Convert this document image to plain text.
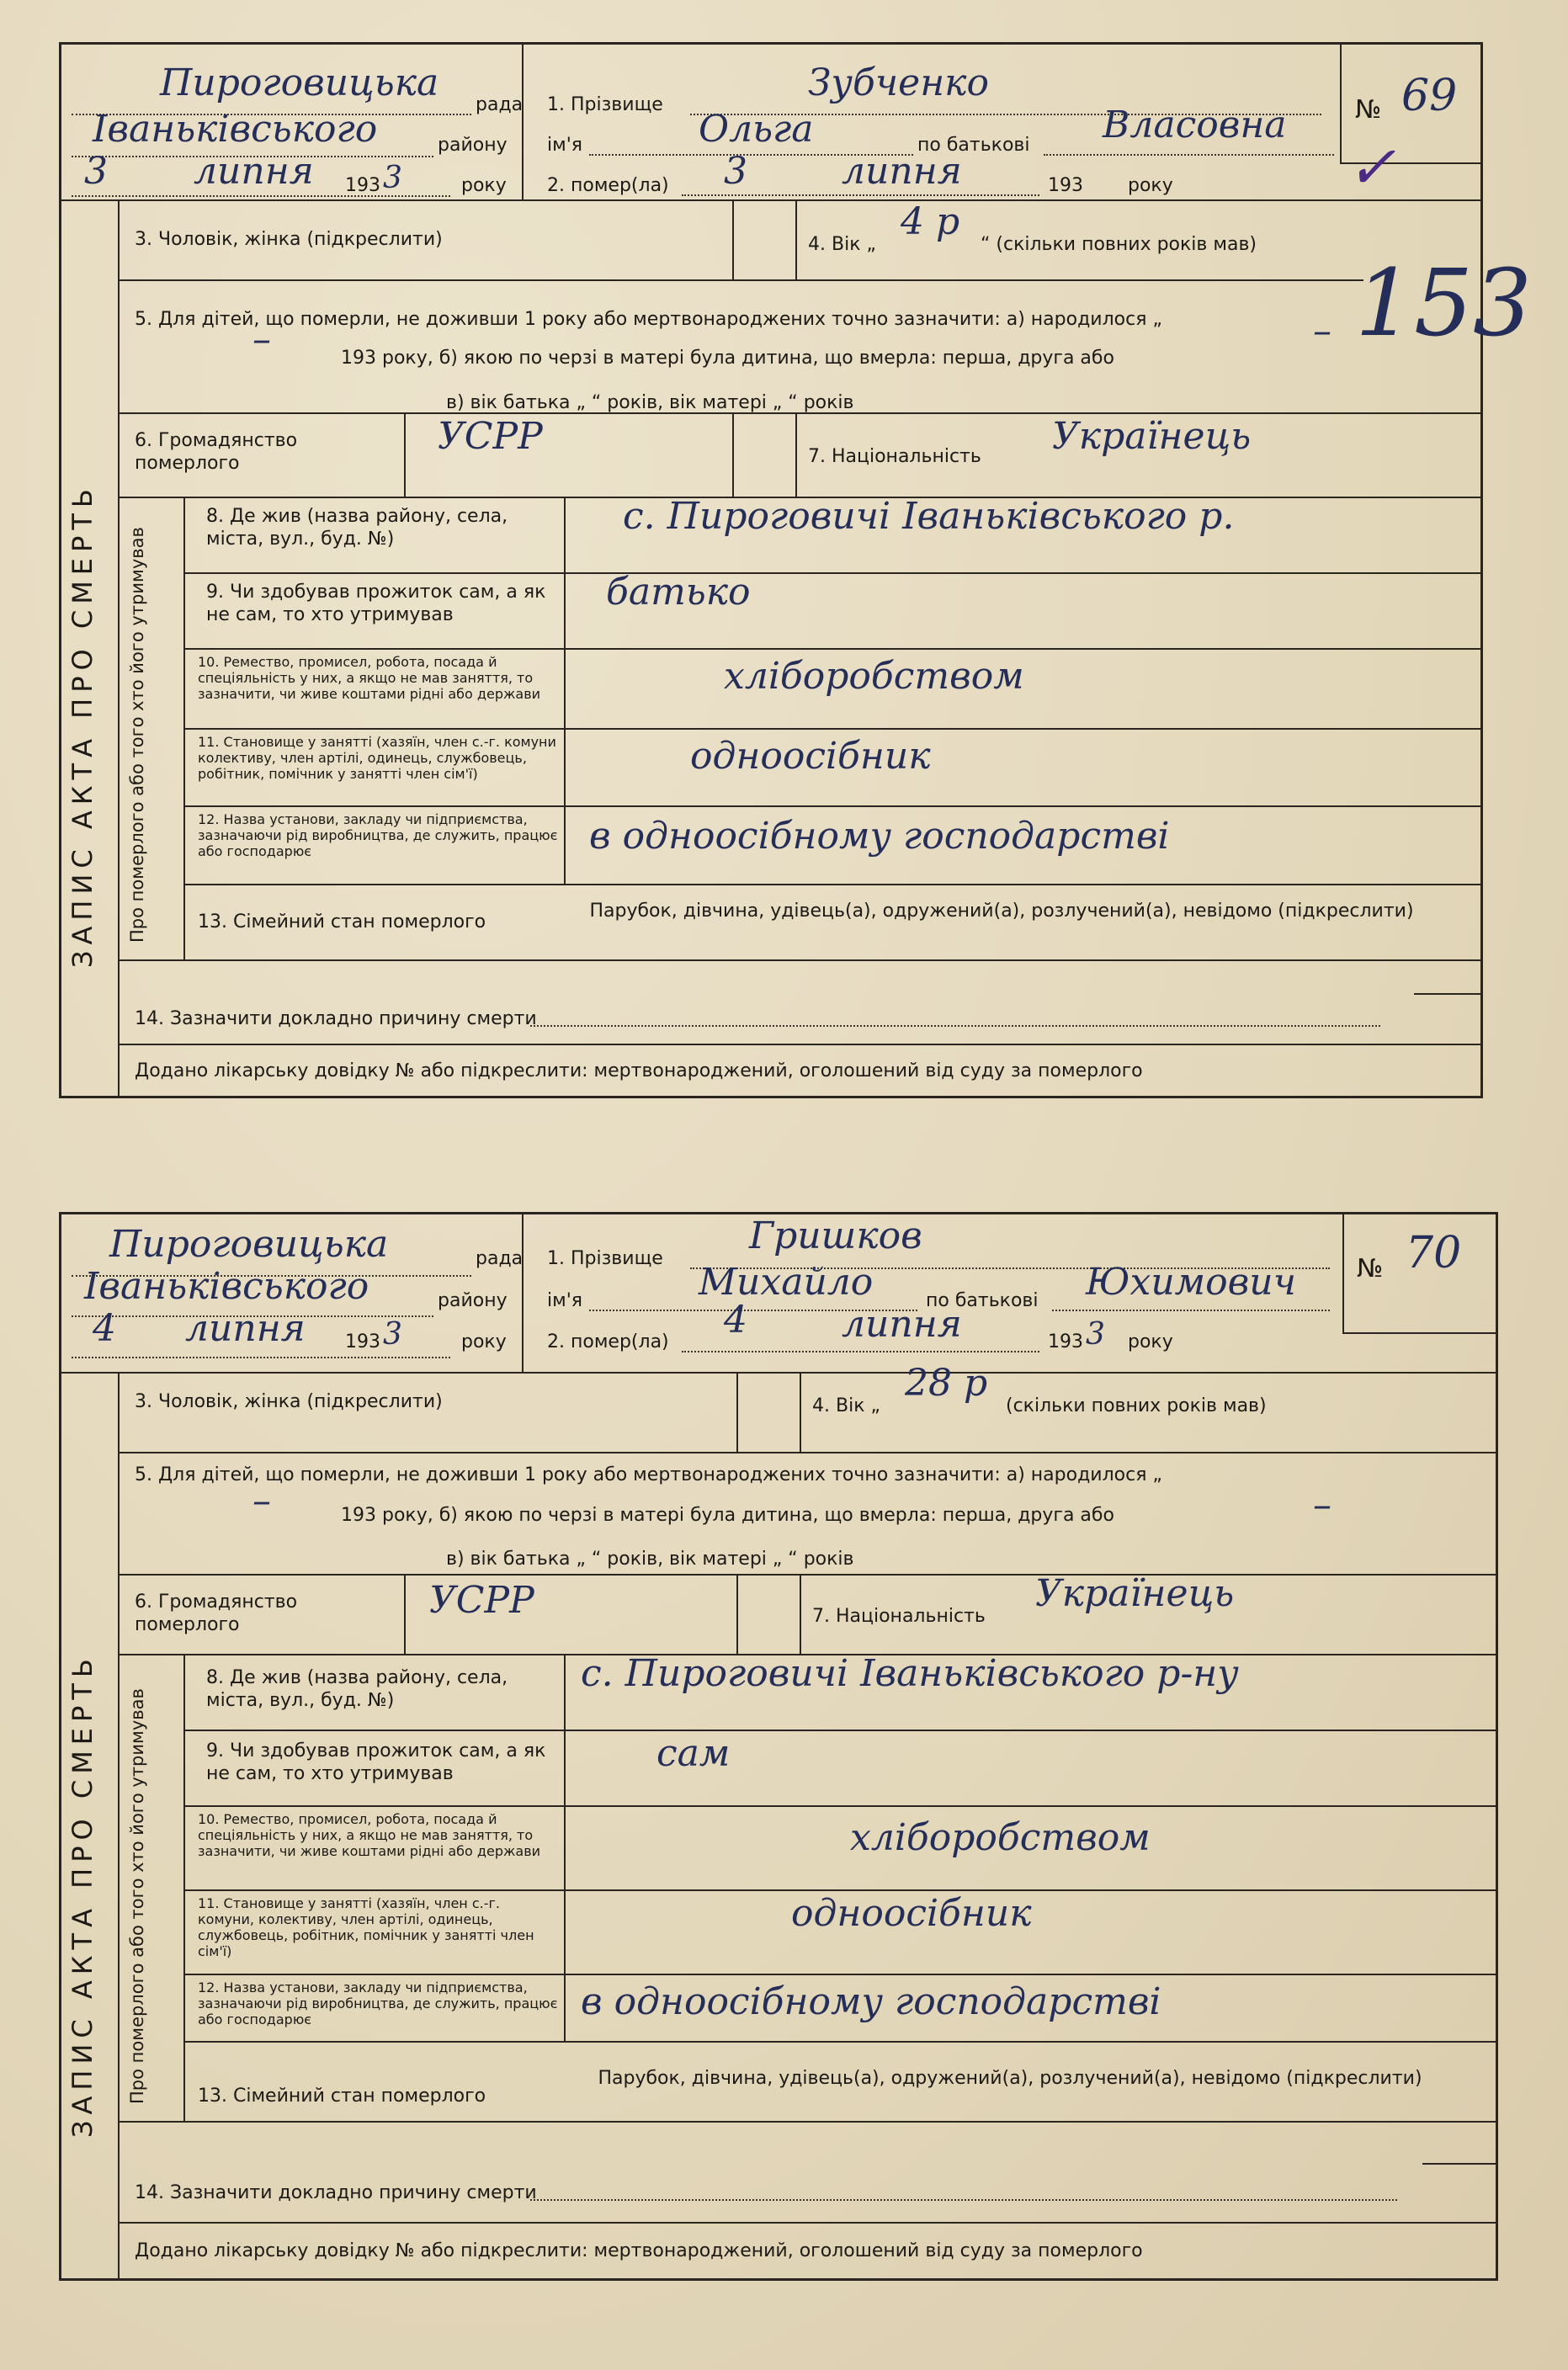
ЗАПИС АКТА ПРО СМЕРТЬ Про померлого або того хто його утримував
Пироговицька
рада
Іваньківського	району
3 липня 193 3	року
1. Прізвище
Зубченко
ім'я	Ольга	по батькові Власовна
2. помер(ла) 3	липня	193 року
№ 69
✓
3. Чоловік, жінка (підкреслити)	4. Вік „
4 р
“ (скільки повних років мав)
5. Для дітей, що померли, не доживши 1 року або мертвонароджених точно зазначити: а) народилося „
193 року, б) якою по черзі в матері була дитина, що вмерла: перша, друга або
в) вік батька „ “ років, вік матері „ “ років
–	– 153
6. Громадянство померлого
УСРР	7. Національність Українець
8. Де жив (назва району, села, міста, вул., буд. №)
с. Пироговичі Іваньківського р.
9. Чи здобував прожиток сам, а як не сам, то хто утримував
батько
10. Ремество, промисел, робота, посада й спеціяльність у них, а якщо не мав заняття, то зазначити, чи живе коштами рідні або держави	хліборобством
11. Становище у занятті (хазяїн, член с.-г. комуни колективу, член артілі, одинець, службовець, робітник, помічник у занятті член сім'ї)	одноосібник
12. Назва установи, закладу чи підприємства, зазначаючи рід виробництва, де служить, працює або господарює	в одноосібному господарстві
13. Сімейний стан померлого
Парубок, дівчина, удівець(а), одружений(а), розлучений(а), невідомо (підкреслити)
14. Зазначити докладно причину смерти
Додано лікарську довідку № або підкреслити: мертвонароджений, оголошений від суду за померлого
ЗАПИС АКТА ПРО СМЕРТЬ Про померлого або того хто його утримував
Пироговицька	рада
Іваньківського	району
4 липня 193 3	року
1. Прізвище
Гришков
ім'я	Михайло	по батькові Юхимович
2. помер(ла)
4	липня	193 3 року
№ 70
3. Чоловік, жінка (підкреслити)	4. Вік „
28 р
(скільки повних років мав)
5. Для дітей, що померли, не доживши 1 року або мертвонароджених точно зазначити: а) народилося „
193 року, б) якою по черзі в матері була дитина, що вмерла: перша, друга або
в) вік батька „ “ років, вік матері „ “ років
–	–
6. Громадянство померлого
УСРР	7. Національність
Українець
8. Де жив (назва району, села, міста, вул., буд. №)
с. Пироговичі Іваньківського р-ну
9. Чи здобував прожиток сам, а як не сам, то хто утримував	сам
10. Ремество, промисел, робота, посада й спеціяльність у них, а якщо не мав заняття, то зазначити, чи живе коштами рідні або держави	хліборобством
11. Становище у занятті (хазяїн, член с.-г. комуни, колективу, член артілі, одинець, службовець, робітник, помічник у занятті член сім'ї)
одноосібник
12. Назва установи, закладу чи підприємства, зазначаючи рід виробництва, де служить, працює або господарює	в одноосібному господарстві
13. Сімейний стан померлого
Парубок, дівчина, удівець(а), одружений(а), розлучений(а), невідомо (підкреслити)
14. Зазначити докладно причину смерти
Додано лікарську довідку № або підкреслити: мертвонароджений, оголошений від суду за померлого
